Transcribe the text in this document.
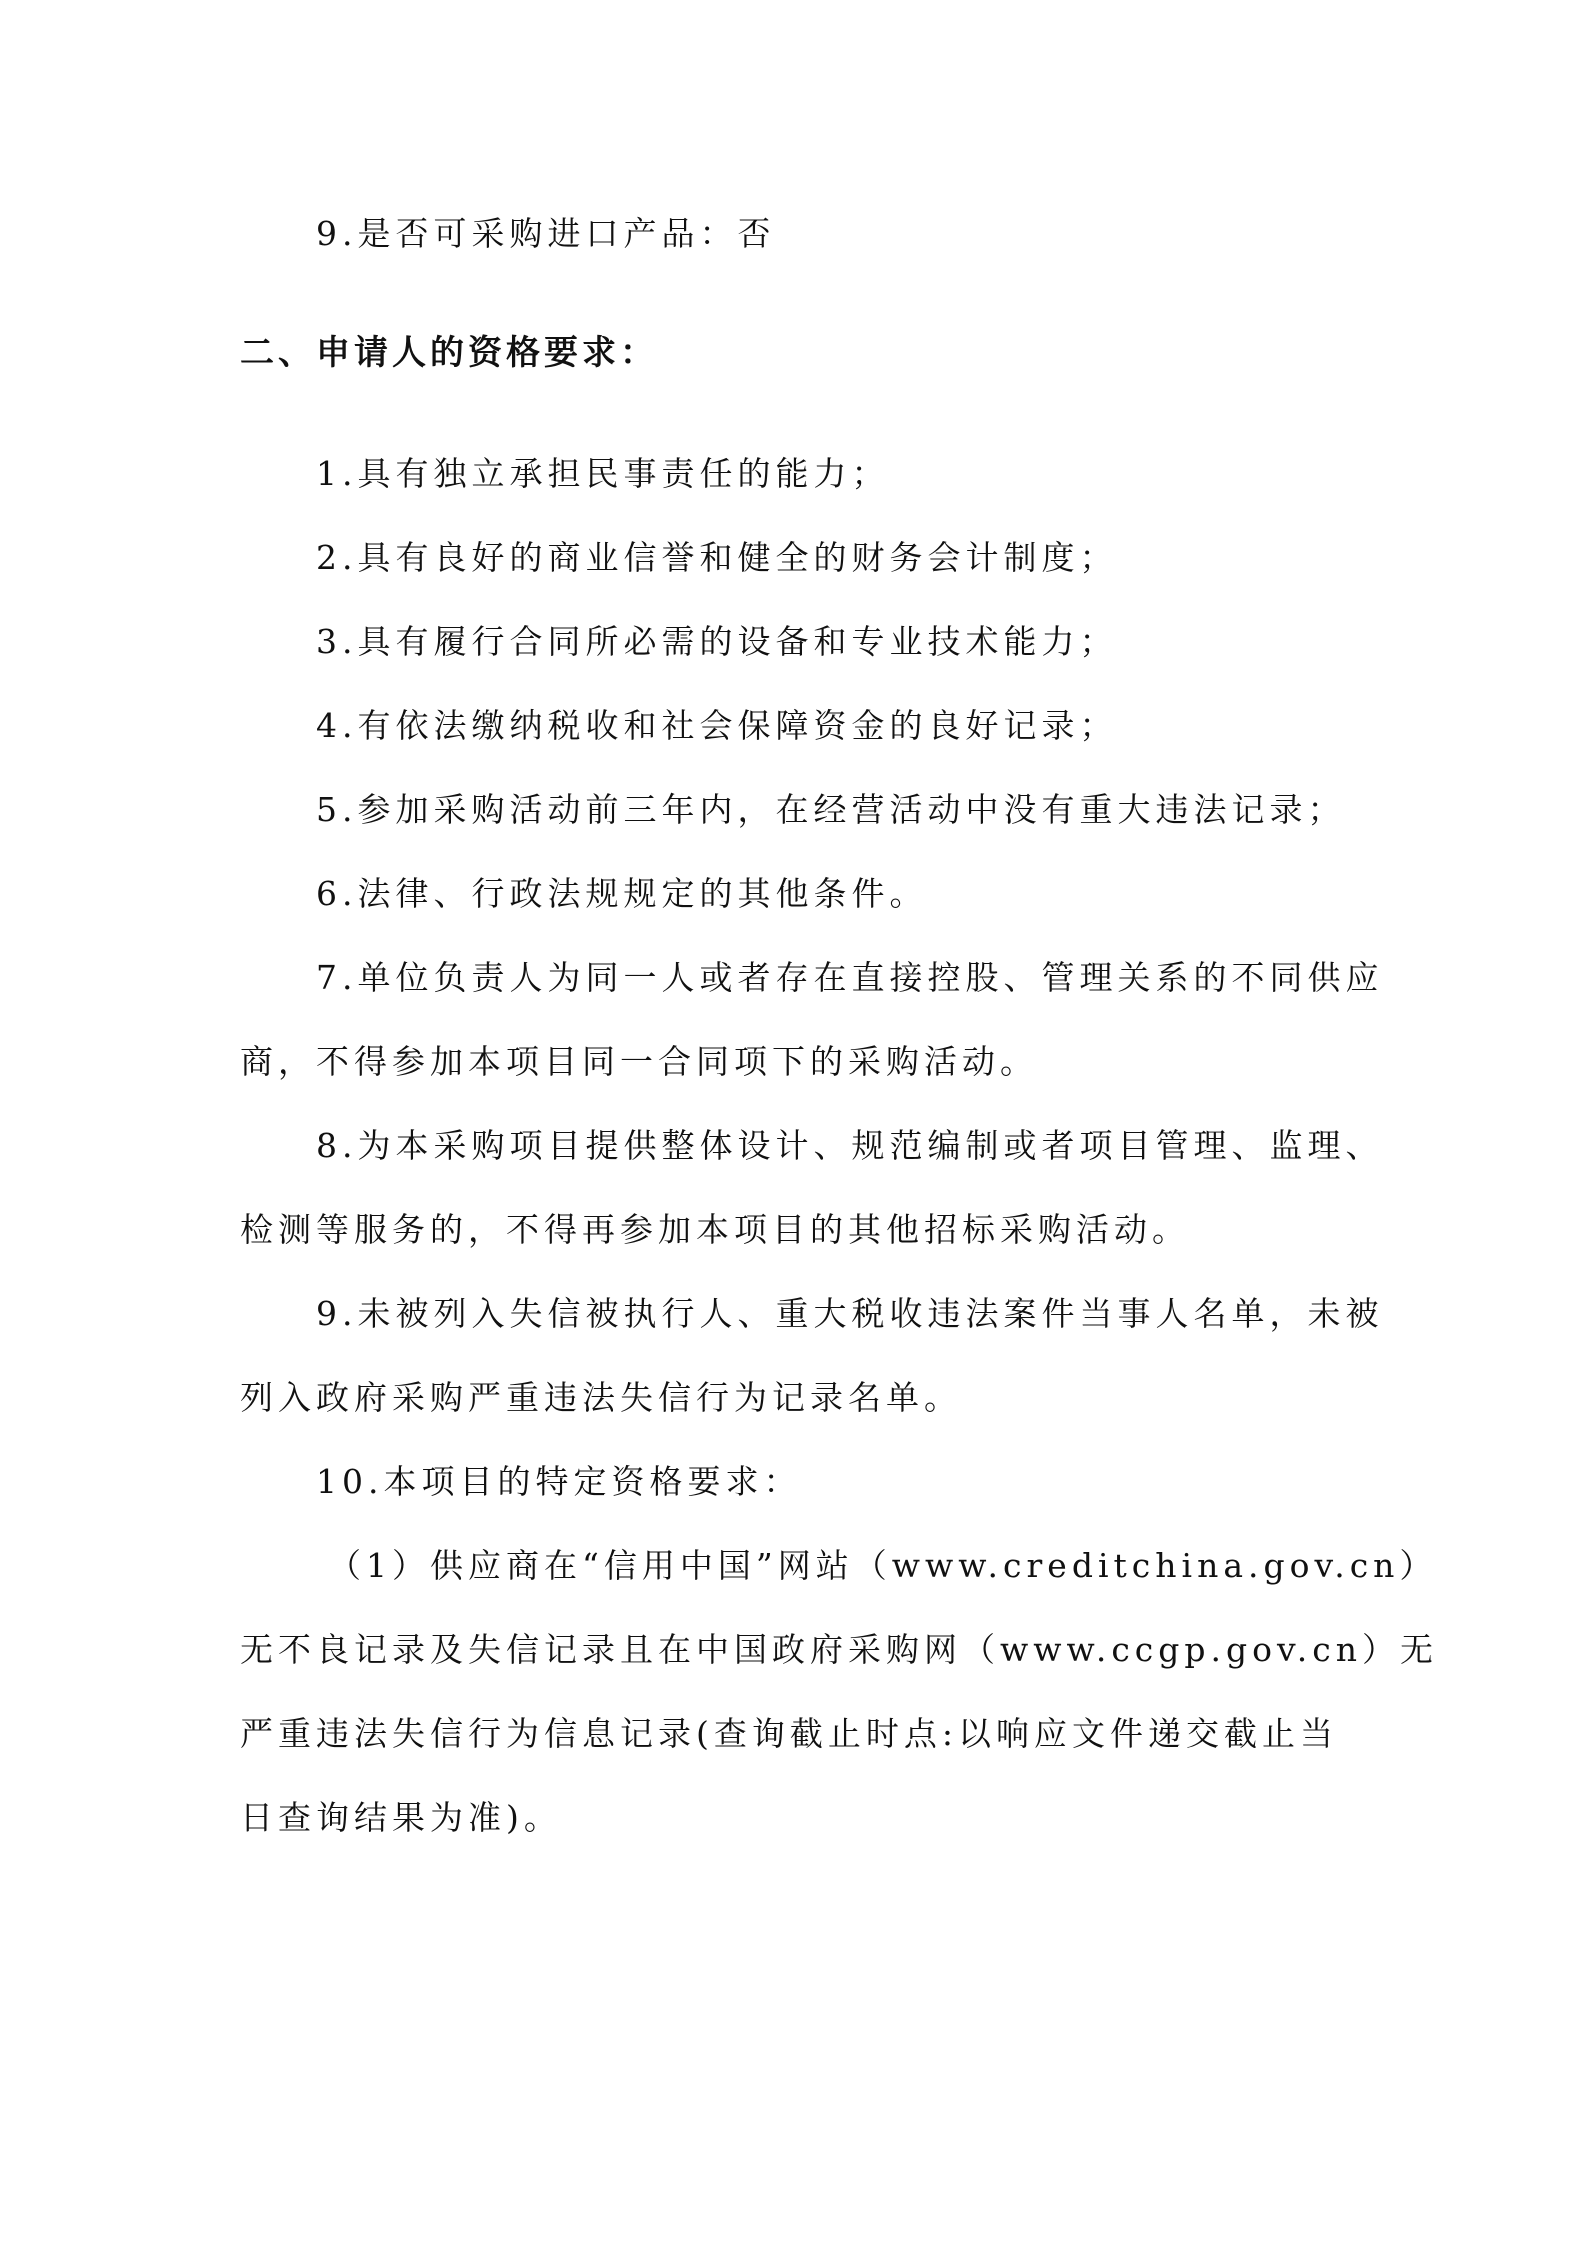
9.是否可采购进口产品：否
二、申请人的资格要求：
1.具有独立承担民事责任的能力；
2.具有良好的商业信誉和健全的财务会计制度；
3.具有履行合同所必需的设备和专业技术能力；
4.有依法缴纳税收和社会保障资金的良好记录；
5.参加采购活动前三年内，在经营活动中没有重大违法记录；
6.法律、行政法规规定的其他条件。
7.单位负责人为同一人或者存在直接控股、管理关系的不同供应
商，不得参加本项目同一合同项下的采购活动。
8.为本采购项目提供整体设计、规范编制或者项目管理、监理、
检测等服务的，不得再参加本项目的其他招标采购活动。
9.未被列入失信被执行人、重大税收违法案件当事人名单，未被
列入政府采购严重违法失信行为记录名单。
10.本项目的特定资格要求：
（1）供应商在“信用中国”网站（www.creditchina.gov.cn）
无不良记录及失信记录且在中国政府采购网（www.ccgp.gov.cn）无
严重违法失信行为信息记录(查询截止时点:以响应文件递交截止当
日查询结果为准)。
